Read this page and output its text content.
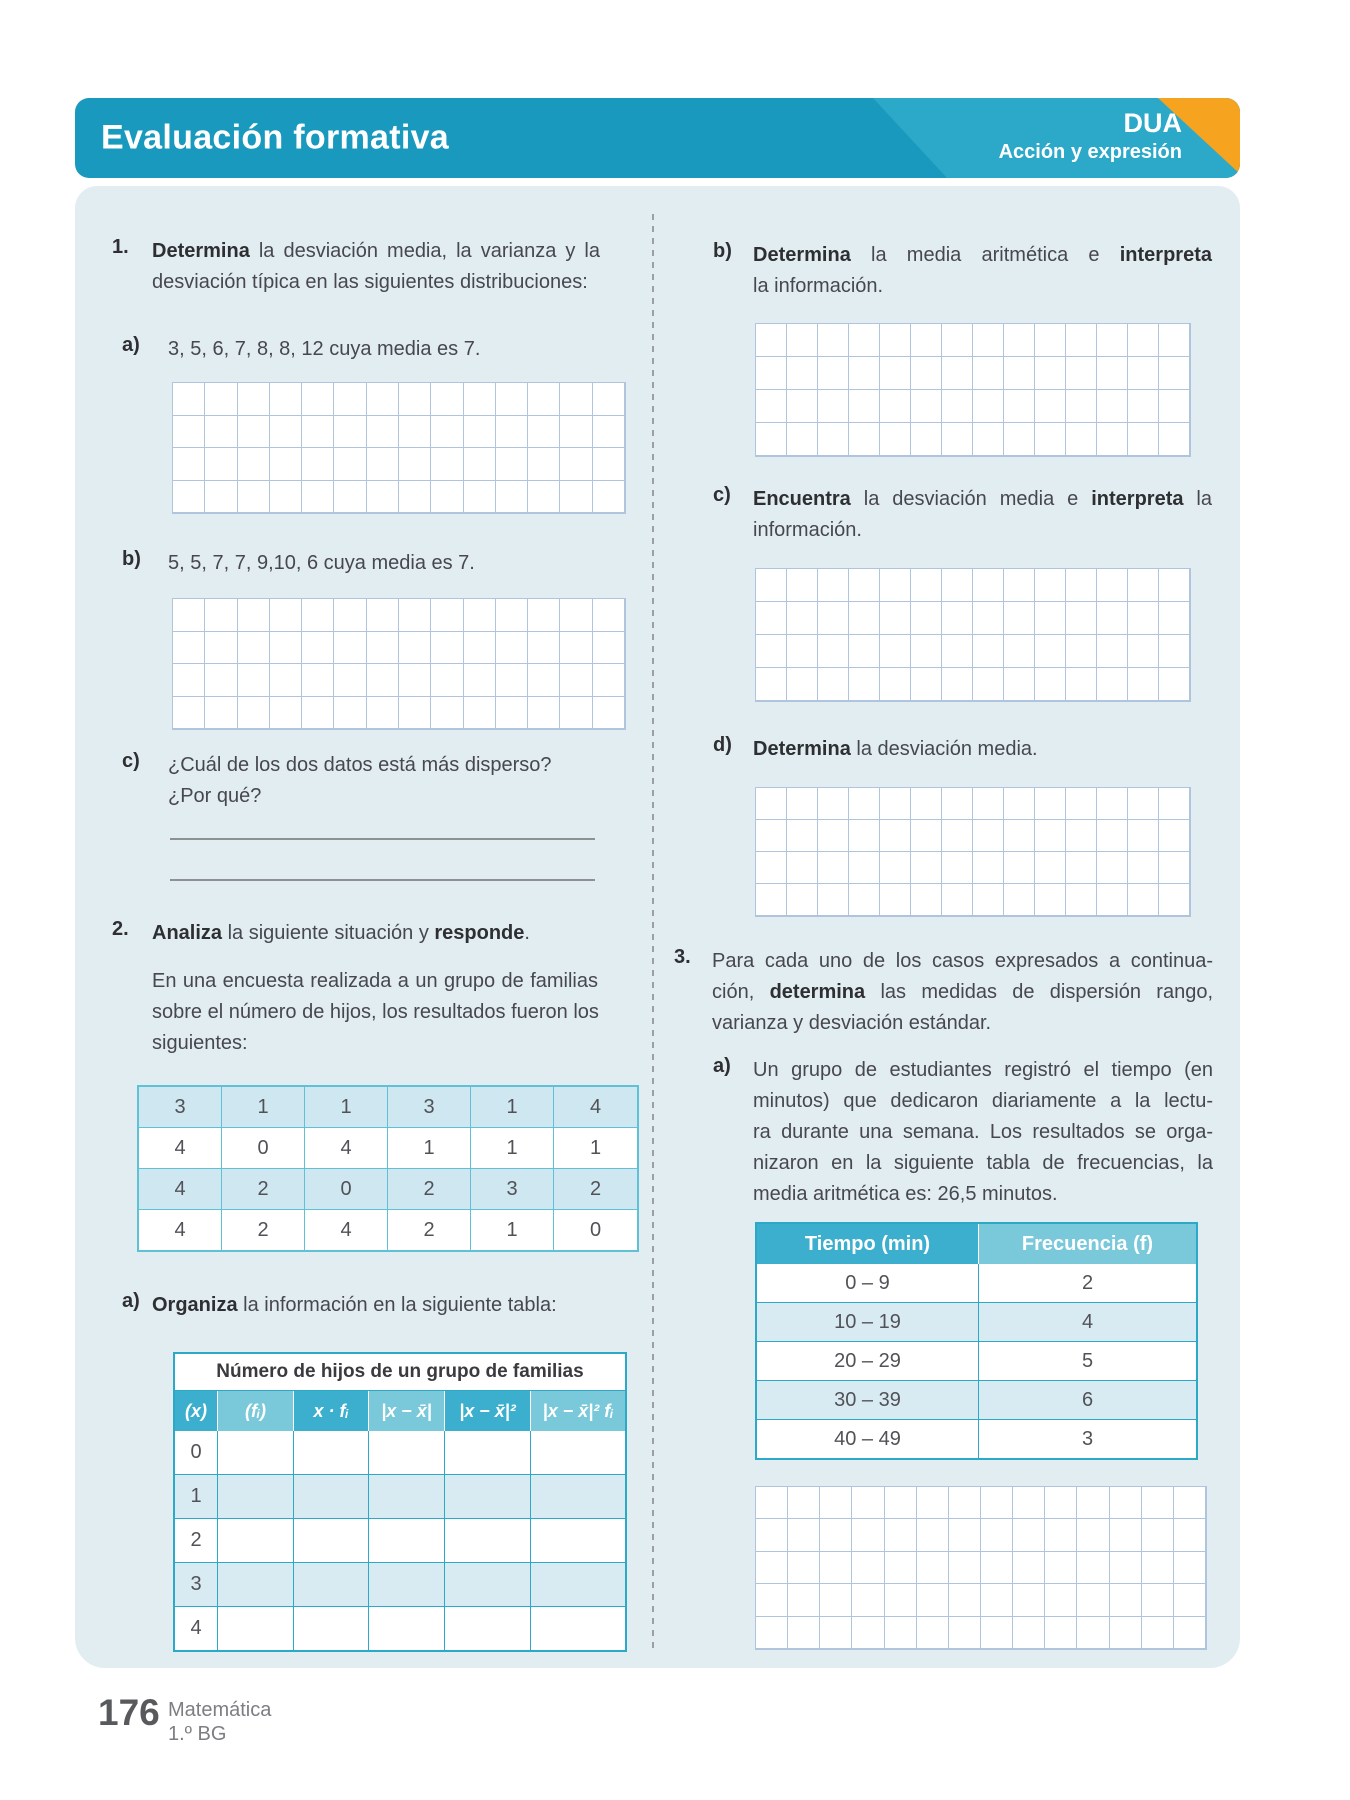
Evaluación formativa	DUA
Acción y expresión
1. Determina la desviación media, la varianza y la
desviación típica en las siguientes distribuciones:
a) 3, 5, 6, 7, 8, 8, 12 cuya media es 7.
b) 5, 5, 7, 7, 9,10, 6 cuya media es 7.
c) ¿Cuál de los dos datos está más disperso?
¿Por qué?
2. Analiza la siguiente situación y responde.
En una encuesta realizada a un grupo de familias
sobre el número de hijos, los resultados fueron los
siguientes:
3	1	1	3	1	4
4	0	4	1	1	1
4	2	0	2	3	2
4	2	4	2	1	0
a) Organiza la información en la siguiente tabla:
Número de hijos de un grupo de familias
(x)	(fᵢ)	x · fᵢ	|x − x̄|	|x − x̄|²	|x − x̄|² fᵢ
0
1
2
3
4
b) Determina la media aritmética e interpreta
la información.
c) Encuentra la desviación media e interpreta la
información.
d) Determina la desviación media.
3. Para cada uno de los casos expresados a continua-
ción, determina las medidas de dispersión rango,
varianza y desviación estándar.
a) Un grupo de estudiantes registró el tiempo (en
minutos) que dedicaron diariamente a la lectu-
ra durante una semana. Los resultados se orga-
nizaron en la siguiente tabla de frecuencias, la
media aritmética es: 26,5 minutos.
Tiempo (min)	Frecuencia (f)
0 – 9	2
10 – 19	4
20 – 29	5
30 – 39	6
40 – 49	3
176 Matemática
1.º BG
